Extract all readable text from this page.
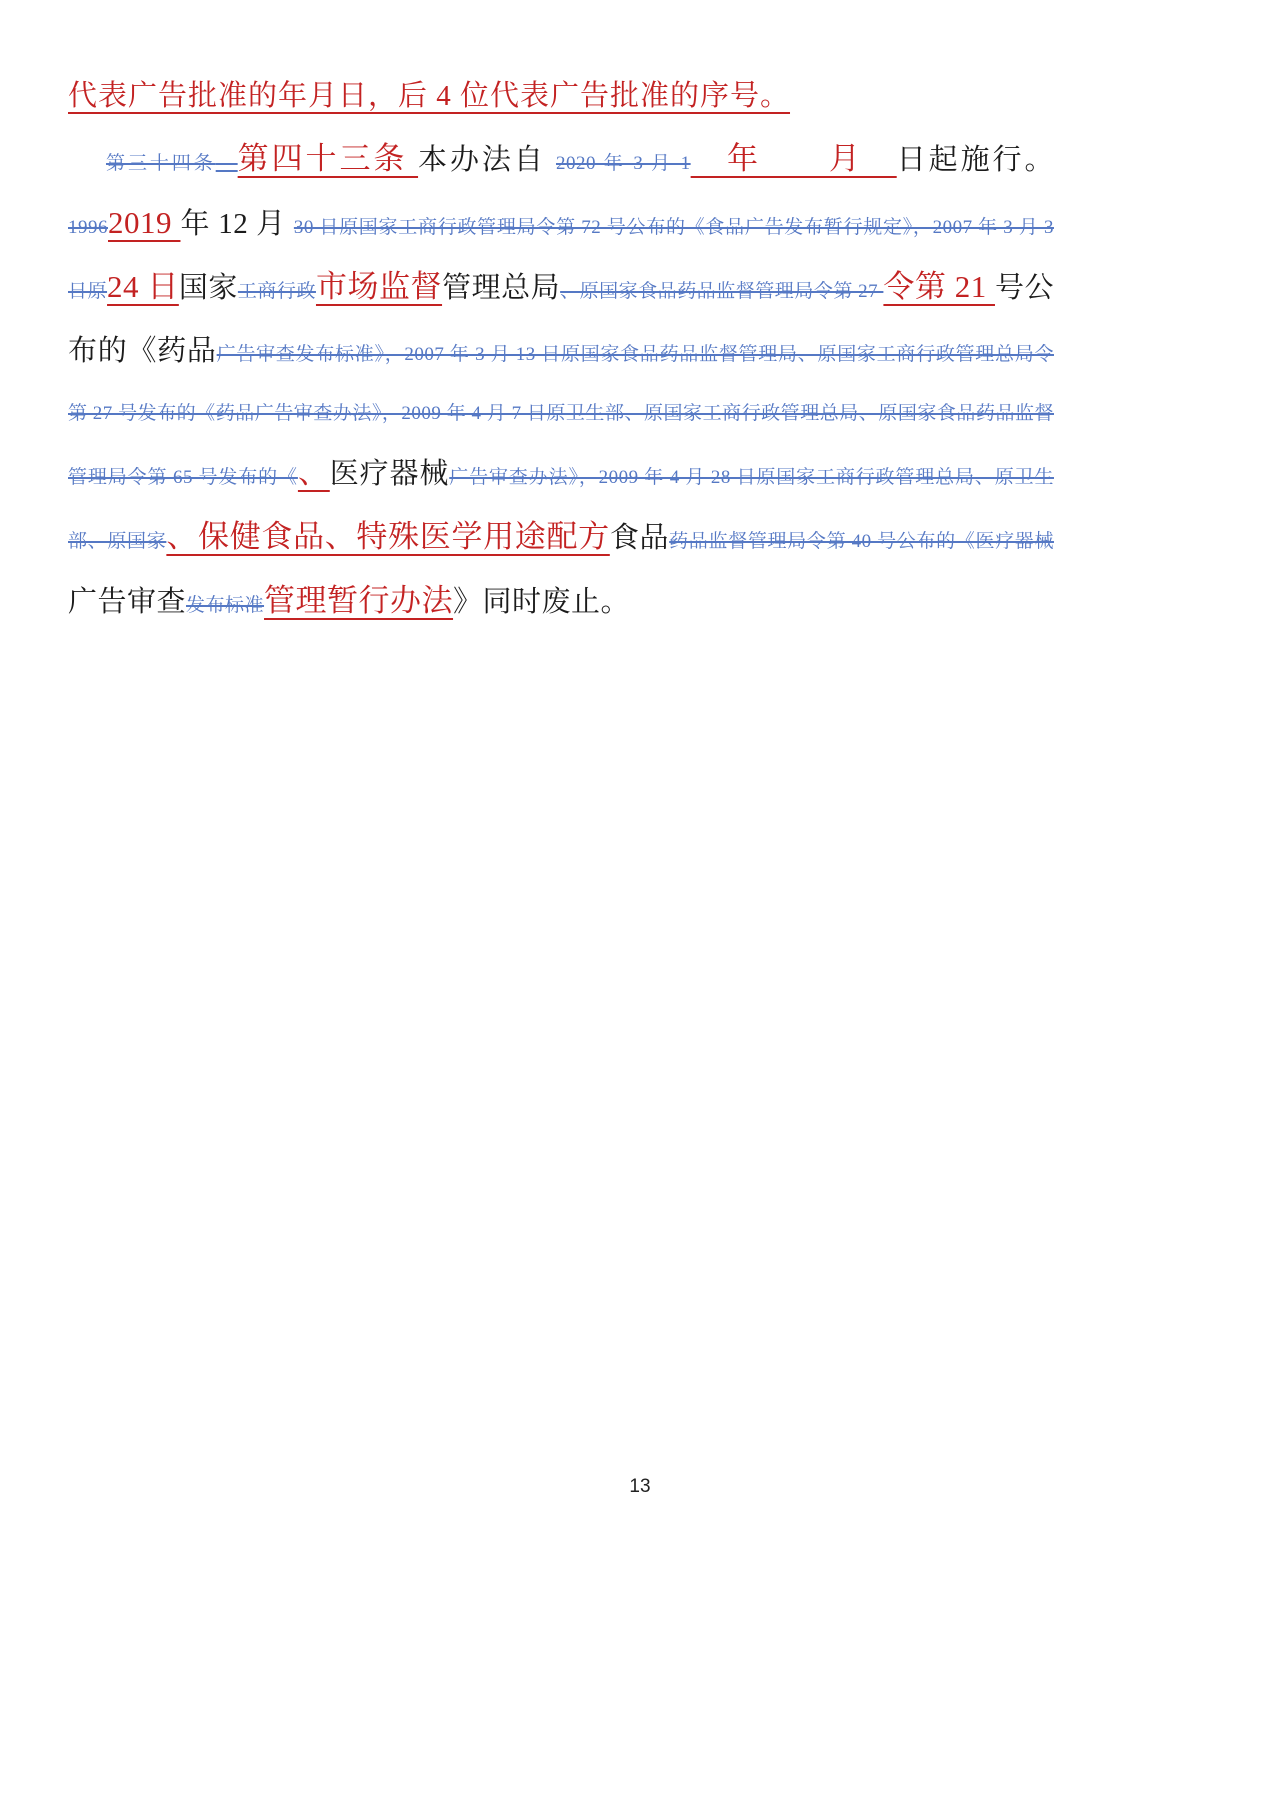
代表广告批准的年月日，后 4 位代表广告批准的序号。

第三十四条　 第四十三条 本办法自 2020 年 3 月 1　年　　月　日起施行。19962019 年 12 月 30 日原国家工商行政管理局令第 72 号公布的《食品广告发布暂行规定》，2007 年 3 月 3 日原24 日国家工商行政市场监督管理总局、原国家食品药品监督管理局令第 27 令第 21 号公布的《药品广告审查发布标准》，2007 年 3 月 13 日原国家食品药品监督管理局、原国家工商行政管理总局令第 27 号发布的《药品广告审查办法》，2009 年 4 月 7 日原卫生部、原国家工商行政管理总局、原国家食品药品监督管理局令第 65 号发布的《、医疗器械广告审查办法》，2009 年 4 月 28 日原国家工商行政管理总局、原卫生部、原国家、保健食品、特殊医学用途配方食品药品监督管理局令第 40 号公布的《医疗器械广告审查发布标准管理暂行办法》同时废止。

13
